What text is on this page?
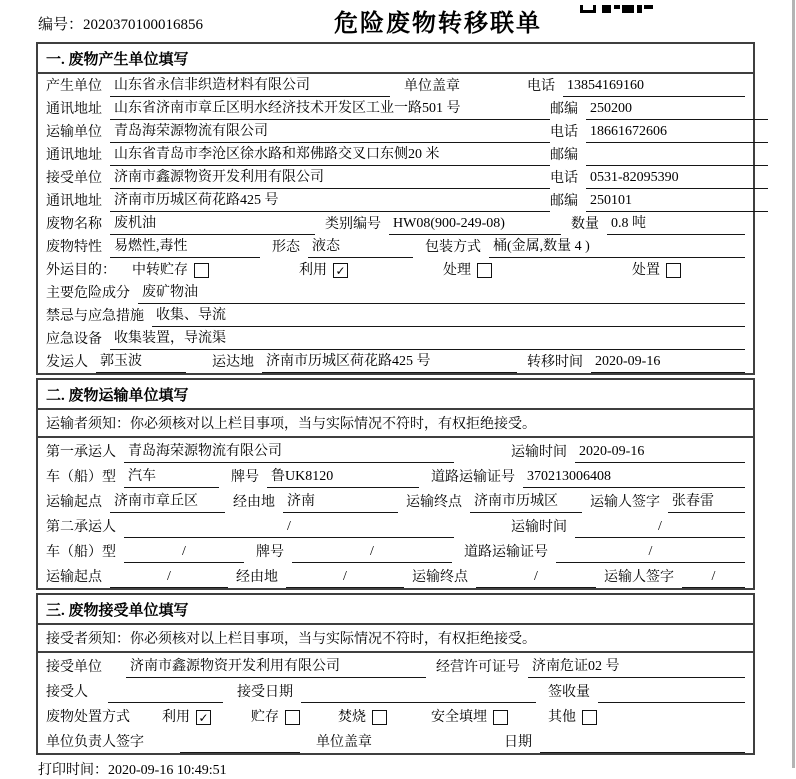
编号：2020370100016856	危险废物转移联单
一. 废物产生单位填写
产生单位 山东省永信非织造材料有限公司	单位盖章	电话 13854169160
通讯地址 山东省济南市章丘区明水经济技术开发区工业一路501 号	邮编 250200
运输单位 青岛海荣源物流有限公司	电话 18661672606
通讯地址 山东省青岛市李沧区徐水路和郑佛路交叉口东侧20 米	邮编
接受单位 济南市鑫源物资开发利用有限公司	电话 0531-82095390
通讯地址 济南市历城区荷花路425 号	邮编 250101
废物名称 废机油	类别编号 HW08(900-249-08)	数量 0.8 吨
废物特性 易燃性,毒性	形态 液态	包装方式 桶(金属,数量 4 )
外运目的： 中转贮存	利用 ✓	处理	处置
主要危险成分 废矿物油
禁忌与应急措施 收集、导流
应急设备 收集装置，导流渠
发运人 郭玉波	运达地 济南市历城区荷花路425 号	转移时间 2020-09-16
二. 废物运输单位填写
运输者须知： 你必须核对以上栏目事项，当与实际情况不符时，有权拒绝接受。
第一承运人 青岛海荣源物流有限公司	运输时间 2020-09-16
车（船）型 汽车	牌号 鲁UK8120	道路运输证号 370213006408
运输起点 济南市章丘区	经由地 济南	运输终点 济南市历城区	运输人签字 张春雷
第二承运人	/	运输时间	/
车（船）型	/	牌号	/	道路运输证号	/
运输起点	/	经由地	/	运输终点	/	运输人签字	/
三. 废物接受单位填写
接受者须知： 你必须核对以上栏目事项，当与实际情况不符时，有权拒绝接受。
接受单位 济南市鑫源物资开发利用有限公司	经营许可证号 济南危证02 号
接受人	接受日期	签收量
废物处置方式 利用 ✓	贮存	焚烧	安全填埋	其他
单位负责人签字	单位盖章	日期
打印时间：2020-09-16 10:49:51
